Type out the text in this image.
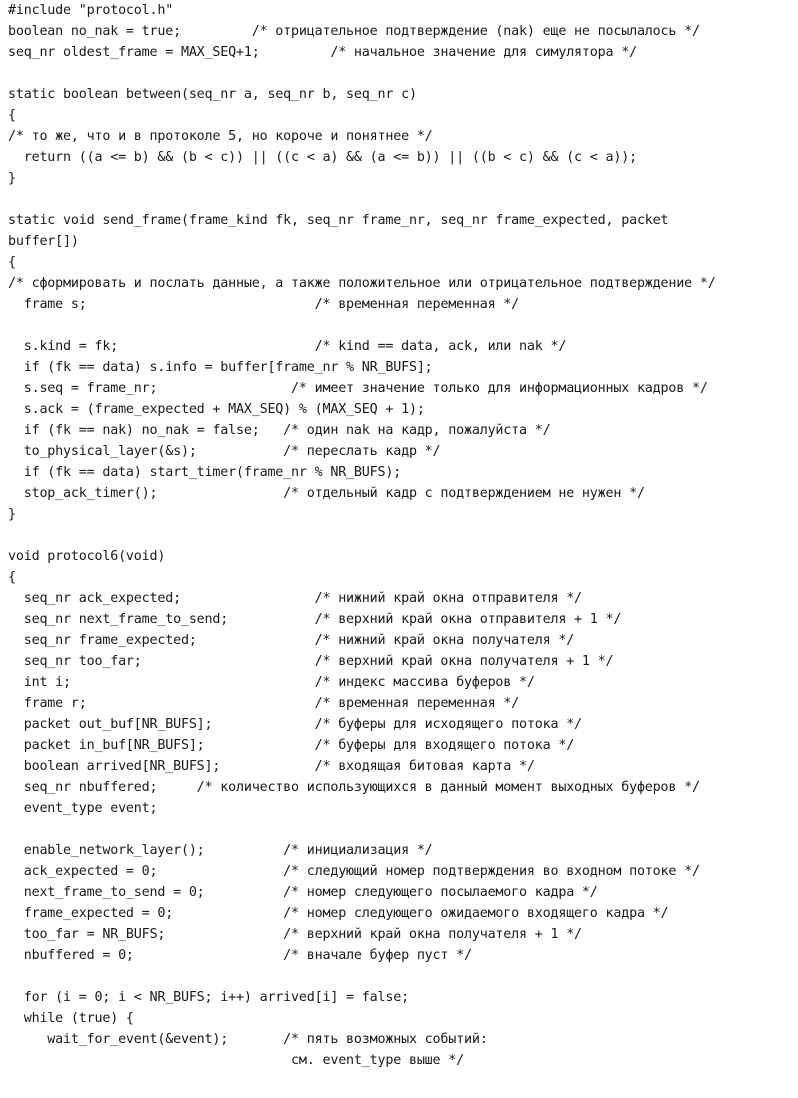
#include "protocol.h"
boolean no_nak = true;         /* отрицательное подтверждение (nak) еще не посылалось */
seq_nr oldest_frame = MAX_SEQ+1;         /* начальное значение для симулятора */
static boolean between(seq_nr a, seq_nr b, seq_nr c)
{
/* то же, что и в протоколе 5, но короче и понятнее */
return ((a <= b) && (b < c)) || ((c < a) && (a <= b)) || ((b < c) && (c < a));
}
static void send_frame(frame_kind fk, seq_nr frame_nr, seq_nr frame_expected, packet
buffer[])
{
/* сформировать и послать данные, а также положительное или отрицательное подтверждение */
frame s;                             /* временная переменная */
s.kind = fk;                         /* kind == data, ack, или nak */
if (fk == data) s.info = buffer[frame_nr % NR_BUFS];
s.seq = frame_nr;                 /* имеет значение только для информационных кадров */
s.ack = (frame_expected + MAX_SEQ) % (MAX_SEQ + 1);
if (fk == nak) no_nak = false;   /* один nak на кадр, пожалуйста */
to_physical_layer(&s);           /* переслать кадр */
if (fk == data) start_timer(frame_nr % NR_BUFS);
stop_ack_timer();                /* отдельный кадр с подтверждением не нужен */
}
void protocol6(void)
{
seq_nr ack_expected;                 /* нижний край окна отправителя */
seq_nr next_frame_to_send;           /* верхний край окна отправителя + 1 */
seq_nr frame_expected;               /* нижний край окна получателя */
seq_nr too_far;                      /* верхний край окна получателя + 1 */
int i;                               /* индекс массива буферов */
frame r;                             /* временная переменная */
packet out_buf[NR_BUFS];             /* буферы для исходящего потока */
packet in_buf[NR_BUFS];              /* буферы для входящего потока */
boolean arrived[NR_BUFS];            /* входящая битовая карта */
seq_nr nbuffered;     /* количество использующихся в данный момент выходных буферов */
event_type event;
enable_network_layer();          /* инициализация */
ack_expected = 0;                /* следующий номер подтверждения во входном потоке */
next_frame_to_send = 0;          /* номер следующего посылаемого кадра */
frame_expected = 0;              /* номер следующего ожидаемого входящего кадра */
too_far = NR_BUFS;               /* верхний край окна получателя + 1 */
nbuffered = 0;                   /* вначале буфер пуст */
for (i = 0; i < NR_BUFS; i++) arrived[i] = false;
while (true) {
wait_for_event(&event);       /* пять возможных событий:
см. event_type выше */
